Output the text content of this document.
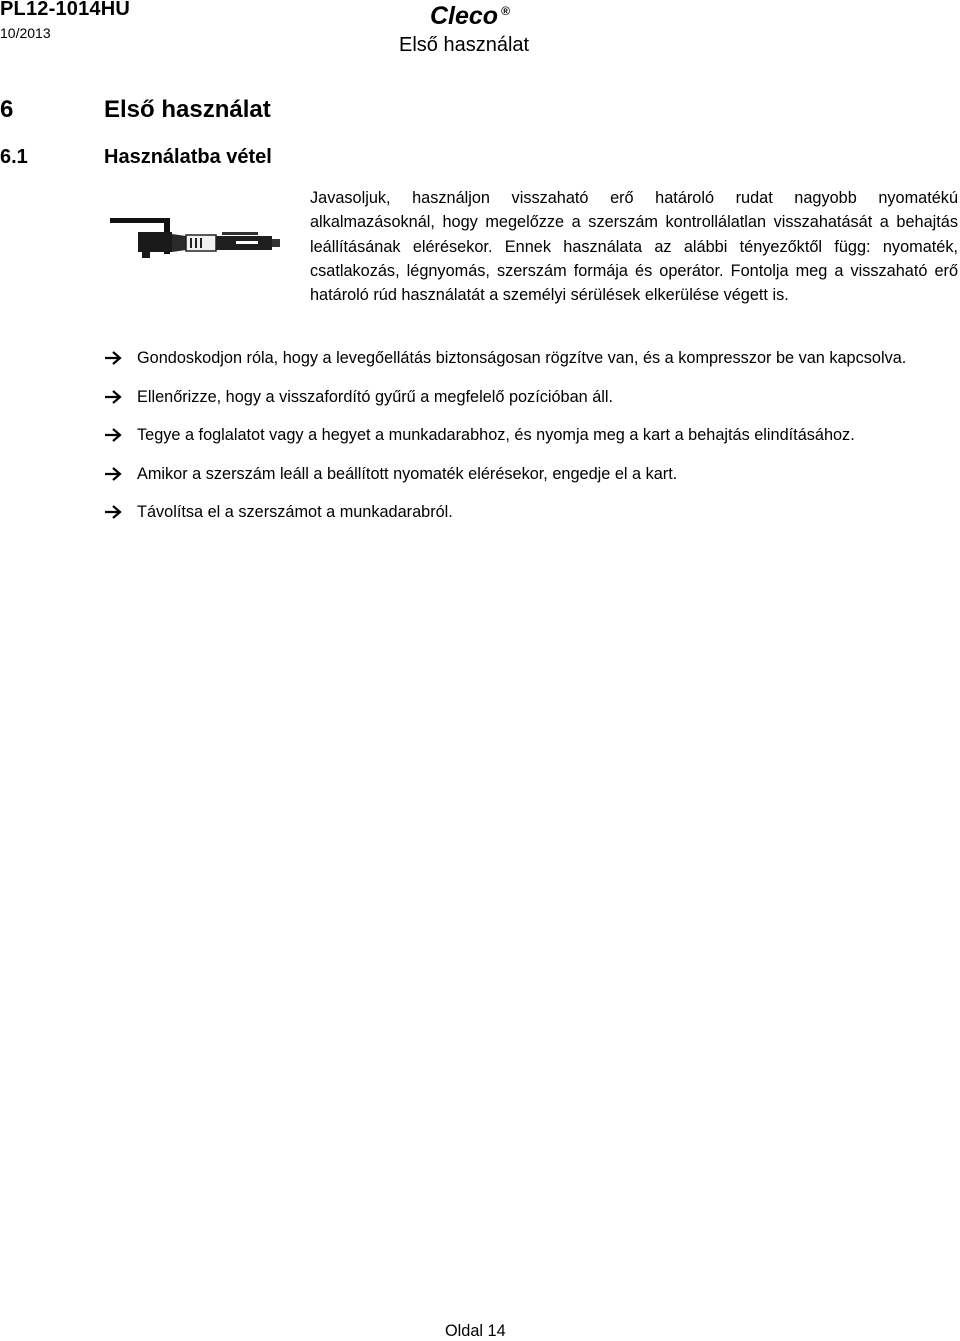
PL12-1014HU
10/2013
Cleco ®
Első használat
6	Első használat
6.1	Használatba vétel
Javasoljuk, használjon visszaható erő határoló rudat nagyobb nyomatékú alkalmazásoknál, hogy megelőzze a szerszám kontrollálatlan visszahatását a behajtás leállításának elérésekor. Ennek használata az alábbi tényezőktől függ: nyomaték, csatlakozás, légnyomás, szerszám formája és operátor. Fontolja meg a visszaható erő határoló rúd használatát a személyi sérülések elkerülése végett is.
Gondoskodjon róla, hogy a levegőellátás biztonságosan rögzítve van, és a kompresszor be van kapcsolva.
Ellenőrizze, hogy a visszafordító gyűrű a megfelelő pozícióban áll.
Tegye a foglalatot vagy a hegyet a munkadarabhoz, és nyomja meg a kart a behajtás elindításához.
Amikor a szerszám leáll a beállított nyomaték elérésekor, engedje el a kart.
Távolítsa el a szerszámot a munkadarabról.
Oldal 14
